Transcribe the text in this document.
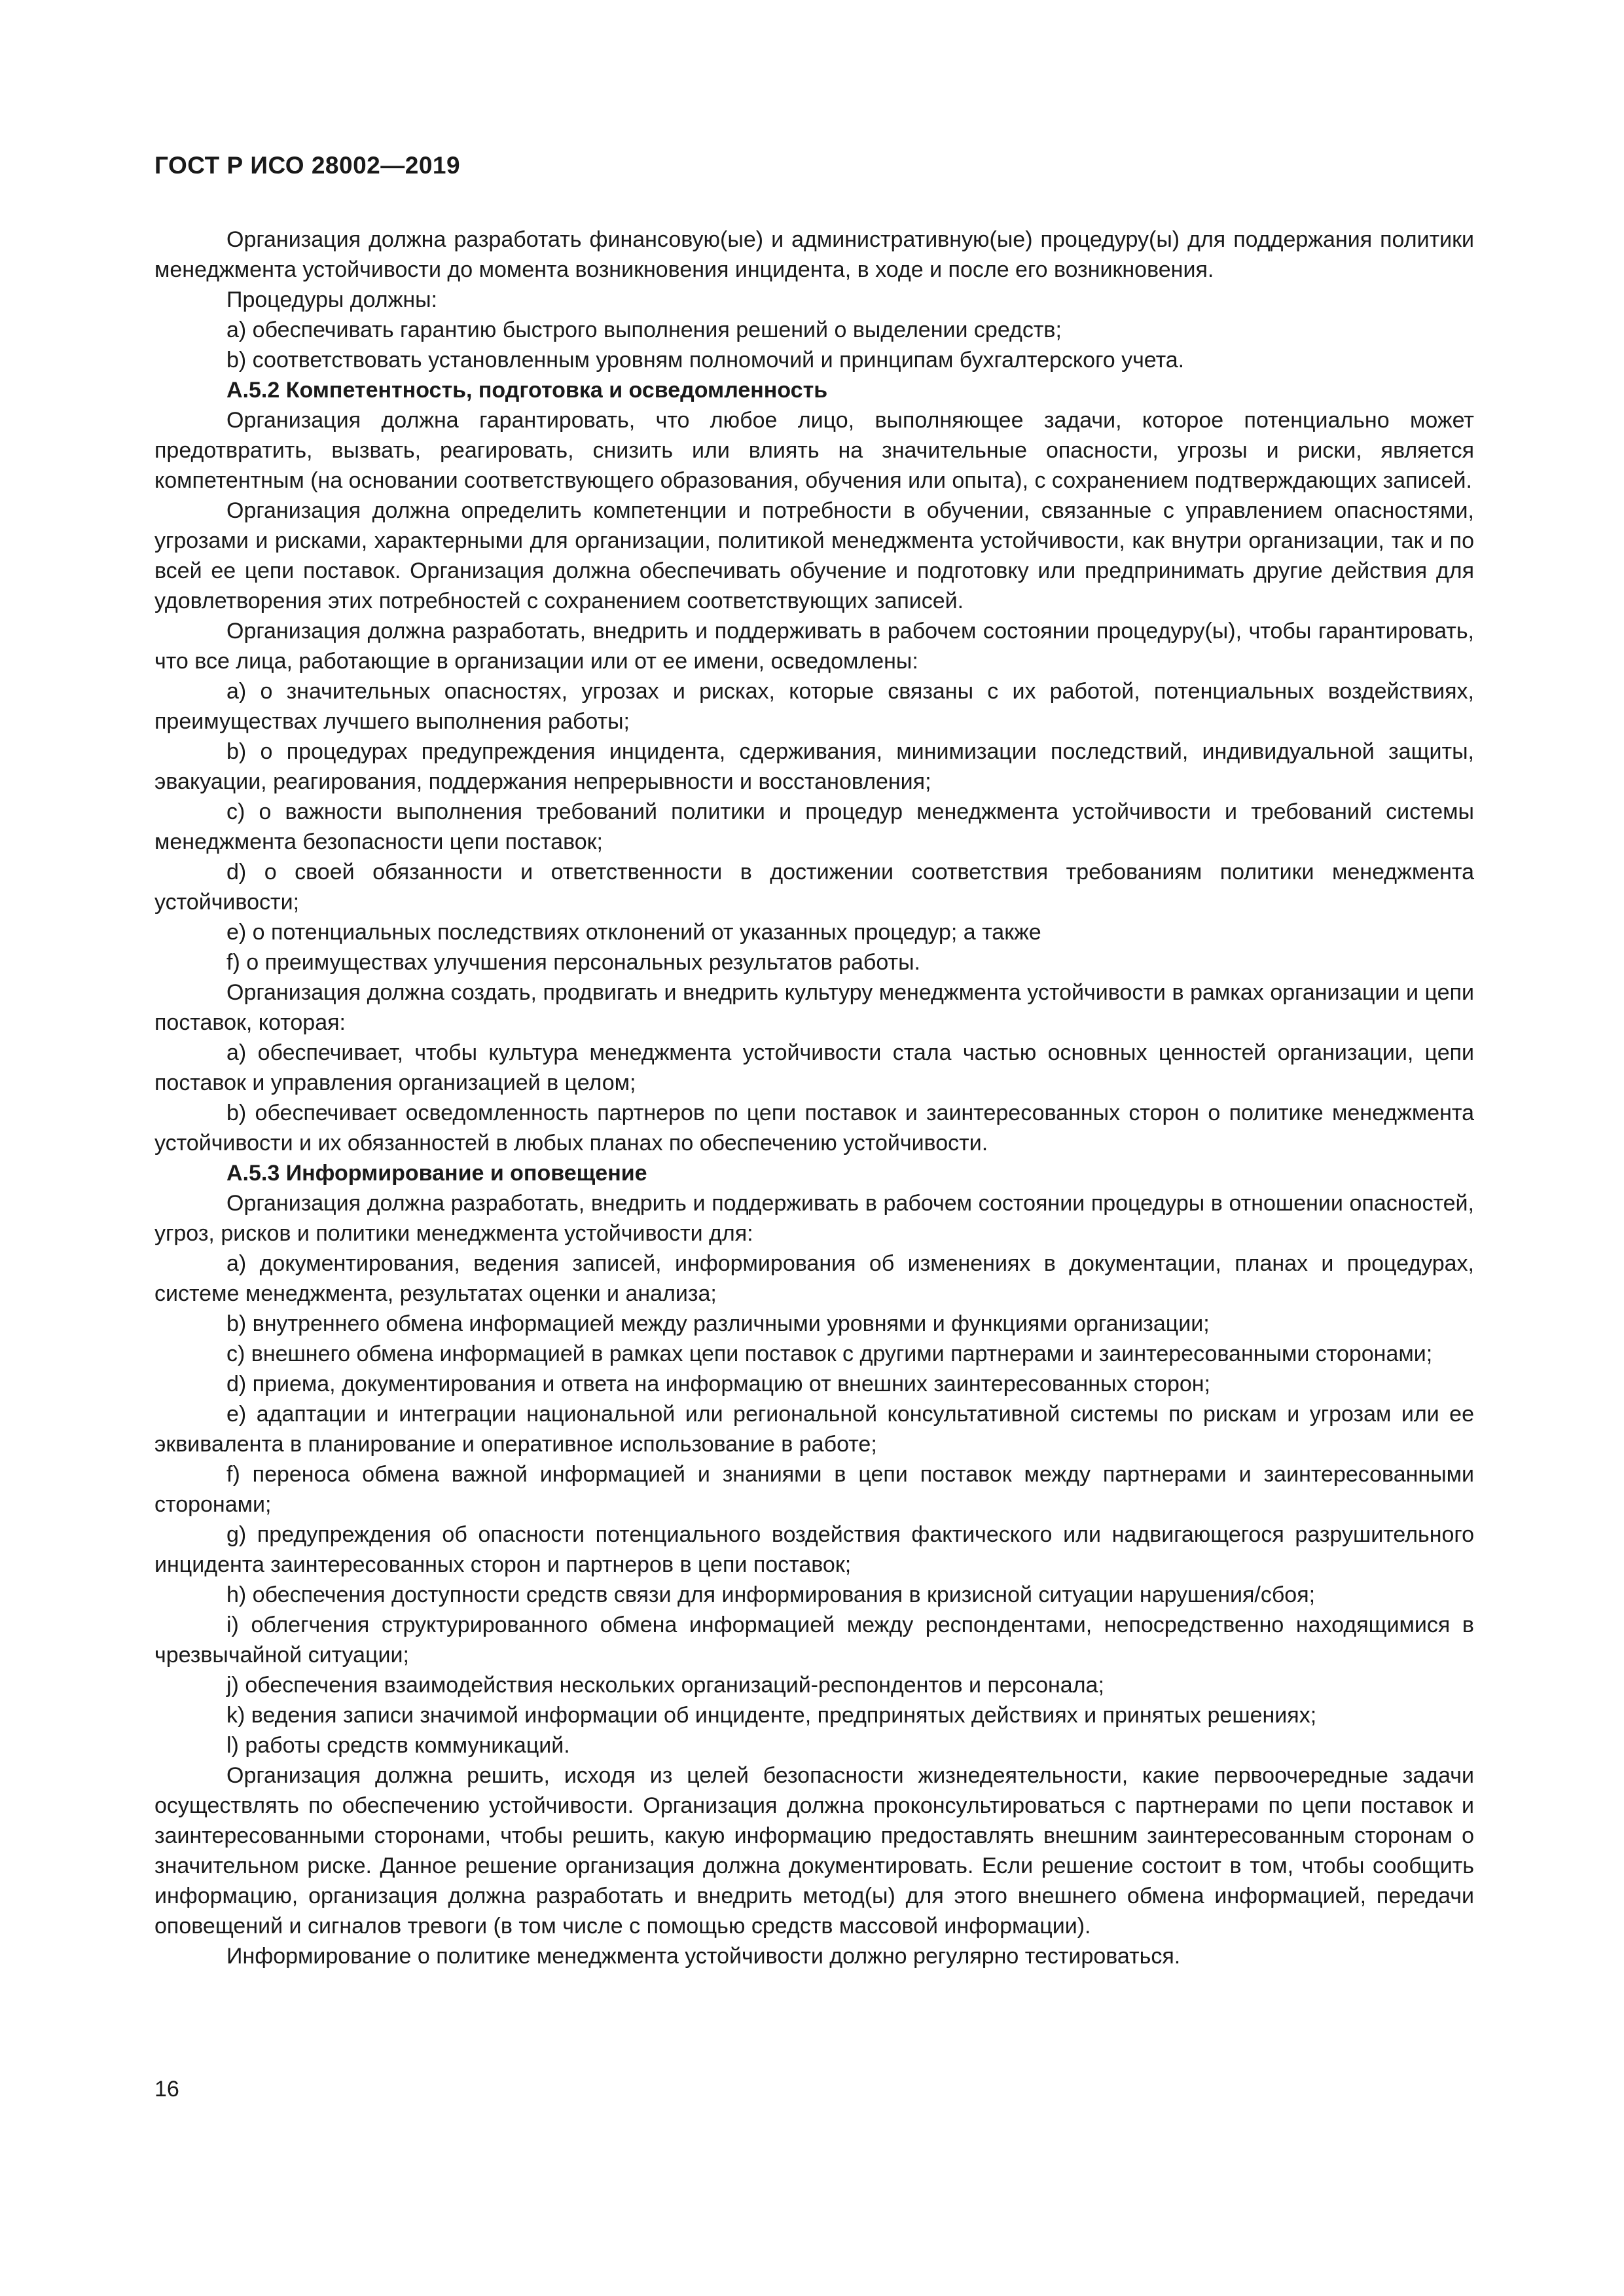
ГОСТ Р ИСО 28002—2019

Организация должна разработать финансовую(ые) и административную(ые) процедуру(ы) для поддержания политики менеджмента устойчивости до момента возникновения инцидента, в ходе и после его возникновения.

Процедуры должны:

a) обеспечивать гарантию быстрого выполнения решений о выделении средств;

b) соответствовать установленным уровням полномочий и принципам бухгалтерского учета.

А.5.2 Компетентность, подготовка и осведомленность

Организация должна гарантировать, что любое лицо, выполняющее задачи, которое потенциально может предотвратить, вызвать, реагировать, снизить или влиять на значительные опасности, угрозы и риски, является компетентным (на основании соответствующего образования, обучения или опыта), с сохранением подтверждающих записей.

Организация должна определить компетенции и потребности в обучении, связанные с управлением опасностями, угрозами и рисками, характерными для организации, политикой менеджмента устойчивости, как внутри организации, так и по всей ее цепи поставок. Организация должна обеспечивать обучение и подготовку или предпринимать другие действия для удовлетворения этих потребностей с сохранением соответствующих записей.

Организация должна разработать, внедрить и поддерживать в рабочем состоянии процедуру(ы), чтобы гарантировать, что все лица, работающие в организации или от ее имени, осведомлены:

a) о значительных опасностях, угрозах и рисках, которые связаны с их работой, потенциальных воздействиях, преимуществах лучшего выполнения работы;

b) о процедурах предупреждения инцидента, сдерживания, минимизации последствий, индивидуальной защиты, эвакуации, реагирования, поддержания непрерывности и восстановления;

c) о важности выполнения требований политики и процедур менеджмента устойчивости и требований системы менеджмента безопасности цепи поставок;

d) о своей обязанности и ответственности в достижении соответствия требованиям политики менеджмента устойчивости;

e) о потенциальных последствиях отклонений от указанных процедур; а также

f) о преимуществах улучшения персональных результатов работы.

Организация должна создать, продвигать и внедрить культуру менеджмента устойчивости в рамках организации и цепи поставок, которая:

a) обеспечивает, чтобы культура менеджмента устойчивости стала частью основных ценностей организации, цепи поставок и управления организацией в целом;

b) обеспечивает осведомленность партнеров по цепи поставок и заинтересованных сторон о политике менеджмента устойчивости и их обязанностей в любых планах по обеспечению устойчивости.

А.5.3 Информирование и оповещение

Организация должна разработать, внедрить и поддерживать в рабочем состоянии процедуры в отношении опасностей, угроз, рисков и политики менеджмента устойчивости для:

a) документирования, ведения записей, информирования об изменениях в документации, планах и процедурах, системе менеджмента, результатах оценки и анализа;

b) внутреннего обмена информацией между различными уровнями и функциями организации;

c) внешнего обмена информацией в рамках цепи поставок с другими партнерами и заинтересованными сторонами;

d) приема, документирования и ответа на информацию от внешних заинтересованных сторон;

e) адаптации и интеграции национальной или региональной консультативной системы по рискам и угрозам или ее эквивалента в планирование и оперативное использование в работе;

f) переноса обмена важной информацией и знаниями в цепи поставок между партнерами и заинтересованными сторонами;

g) предупреждения об опасности потенциального воздействия фактического или надвигающегося разрушительного инцидента заинтересованных сторон и партнеров в цепи поставок;

h) обеспечения доступности средств связи для информирования в кризисной ситуации нарушения/сбоя;

i) облегчения структурированного обмена информацией между респондентами, непосредственно находящимися в чрезвычайной ситуации;

j) обеспечения взаимодействия нескольких организаций-респондентов и персонала;

k) ведения записи значимой информации об инциденте, предпринятых действиях и принятых решениях;

l) работы средств коммуникаций.

Организация должна решить, исходя из целей безопасности жизнедеятельности, какие первоочередные задачи осуществлять по обеспечению устойчивости. Организация должна проконсультироваться с партнерами по цепи поставок и заинтересованными сторонами, чтобы решить, какую информацию предоставлять внешним заинтересованным сторонам о значительном риске. Данное решение организация должна документировать. Если решение состоит в том, чтобы сообщить информацию, организация должна разработать и внедрить метод(ы) для этого внешнего обмена информацией, передачи оповещений и сигналов тревоги (в том числе с помощью средств массовой информации).

Информирование о политике менеджмента устойчивости должно регулярно тестироваться.

16
